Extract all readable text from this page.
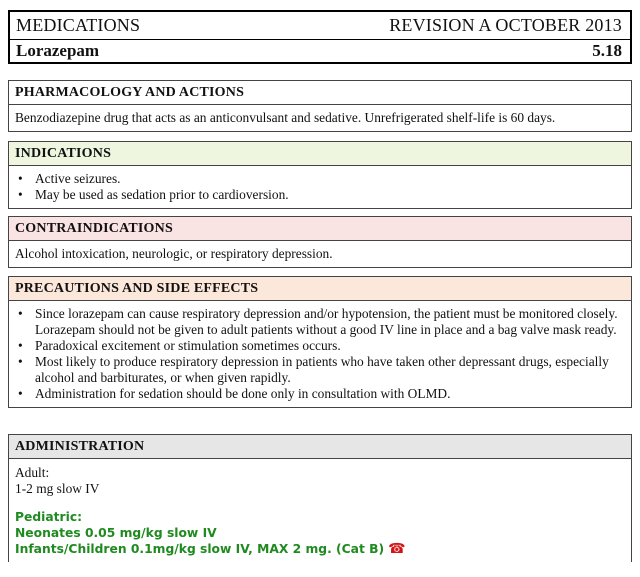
MEDICATIONS	REVISION A OCTOBER 2013
Lorazepam	5.18
PHARMACOLOGY AND ACTIONS
Benzodiazepine drug that acts as an anticonvulsant and sedative. Unrefrigerated shelf-life is 60 days.
INDICATIONS
• Active seizures.
• May be used as sedation prior to cardioversion.
CONTRAINDICATIONS
Alcohol intoxication, neurologic, or respiratory depression.
PRECAUTIONS AND SIDE EFFECTS
• Since lorazepam can cause respiratory depression and/or hypotension, the patient must be monitored closely. Lorazepam should not be given to adult patients without a good IV line in place and a bag valve mask ready.
• Paradoxical excitement or stimulation sometimes occurs.
• Most likely to produce respiratory depression in patients who have taken other depressant drugs, especially alcohol and barbiturates, or when given rapidly.
• Administration for sedation should be done only in consultation with OLMD.
ADMINISTRATION
Adult:
1-2 mg slow IV
Pediatric:
Neonates 0.05 mg/kg slow IV
Infants/Children 0.1mg/kg slow IV, MAX 2 mg. (Cat B) ☎
